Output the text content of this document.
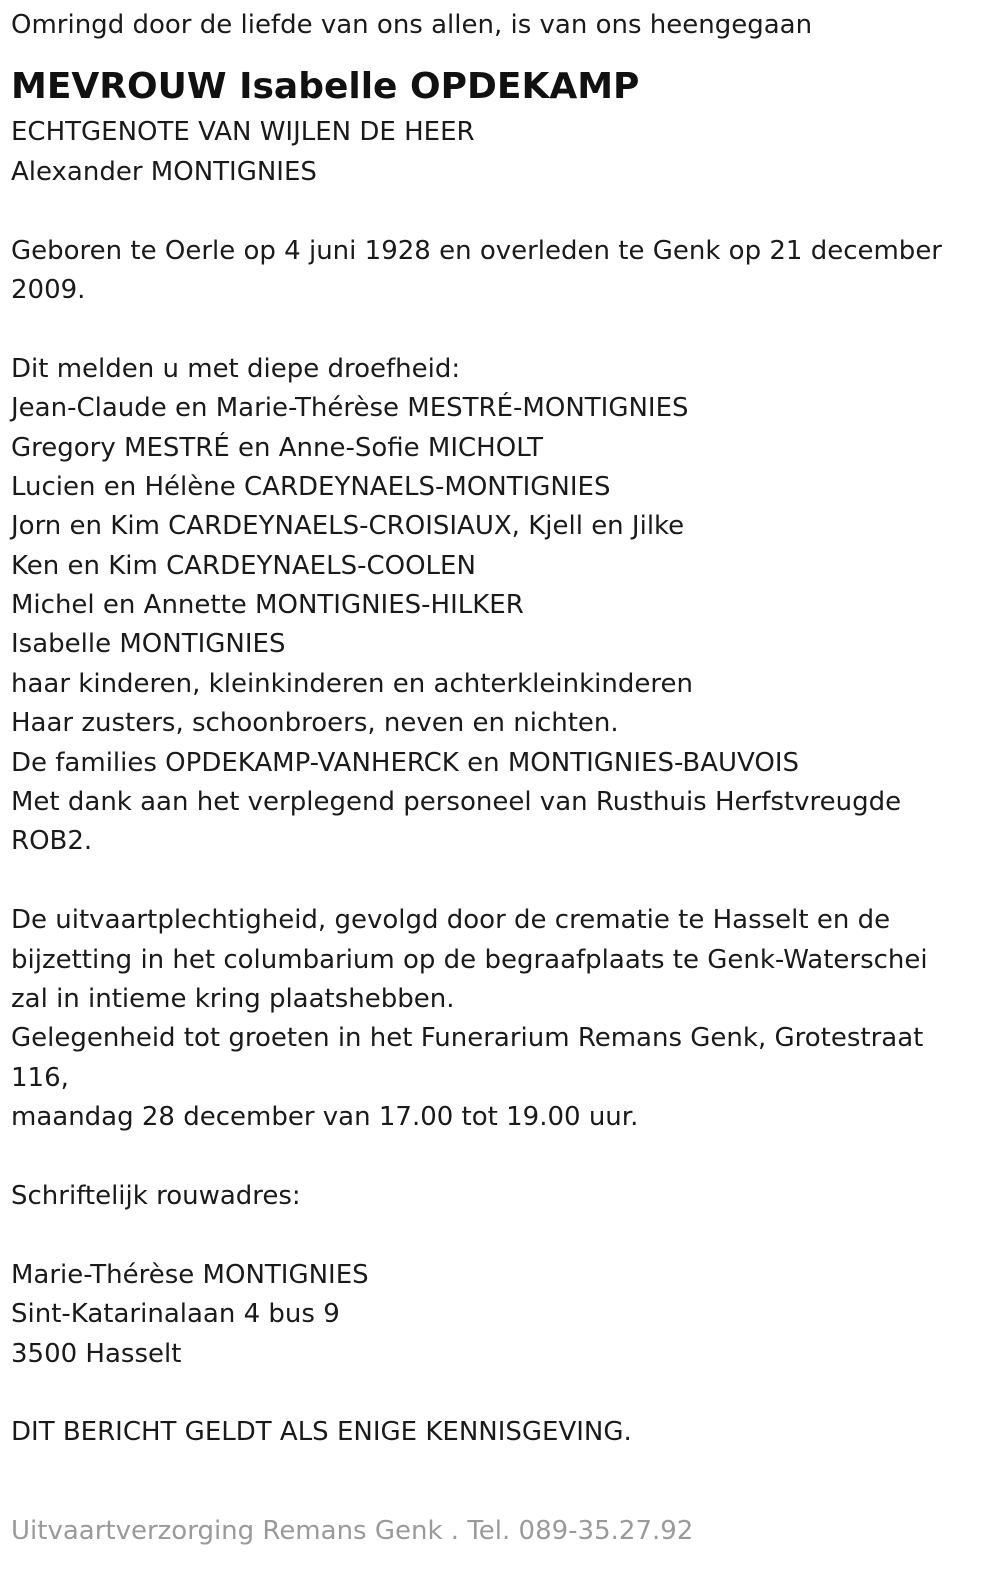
Omringd door de liefde van ons allen, is van ons heengegaan
MEVROUW Isabelle OPDEKAMP
ECHTGENOTE VAN WIJLEN DE HEER
Alexander MONTIGNIES
Geboren te Oerle op 4 juni 1928 en overleden te Genk op 21 december
2009.
Dit melden u met diepe droefheid:
Jean-Claude en Marie-Thérèse MESTRÉ-MONTIGNIES
Gregory MESTRÉ en Anne-Sofie MICHOLT
Lucien en Hélène CARDEYNAELS-MONTIGNIES
Jorn en Kim CARDEYNAELS-CROISIAUX, Kjell en Jilke
Ken en Kim CARDEYNAELS-COOLEN
Michel en Annette MONTIGNIES-HILKER
Isabelle MONTIGNIES
haar kinderen, kleinkinderen en achterkleinkinderen
Haar zusters, schoonbroers, neven en nichten.
De families OPDEKAMP-VANHERCK en MONTIGNIES-BAUVOIS
Met dank aan het verplegend personeel van Rusthuis Herfstvreugde
ROB2.
De uitvaartplechtigheid, gevolgd door de crematie te Hasselt en de
bijzetting in het columbarium op de begraafplaats te Genk-Waterschei
zal in intieme kring plaatshebben.
Gelegenheid tot groeten in het Funerarium Remans Genk, Grotestraat
116,
maandag 28 december van 17.00 tot 19.00 uur.
Schriftelijk rouwadres:
Marie-Thérèse MONTIGNIES
Sint-Katarinalaan 4 bus 9
3500 Hasselt
DIT BERICHT GELDT ALS ENIGE KENNISGEVING.
Uitvaartverzorging Remans Genk . Tel. 089-35.27.92
